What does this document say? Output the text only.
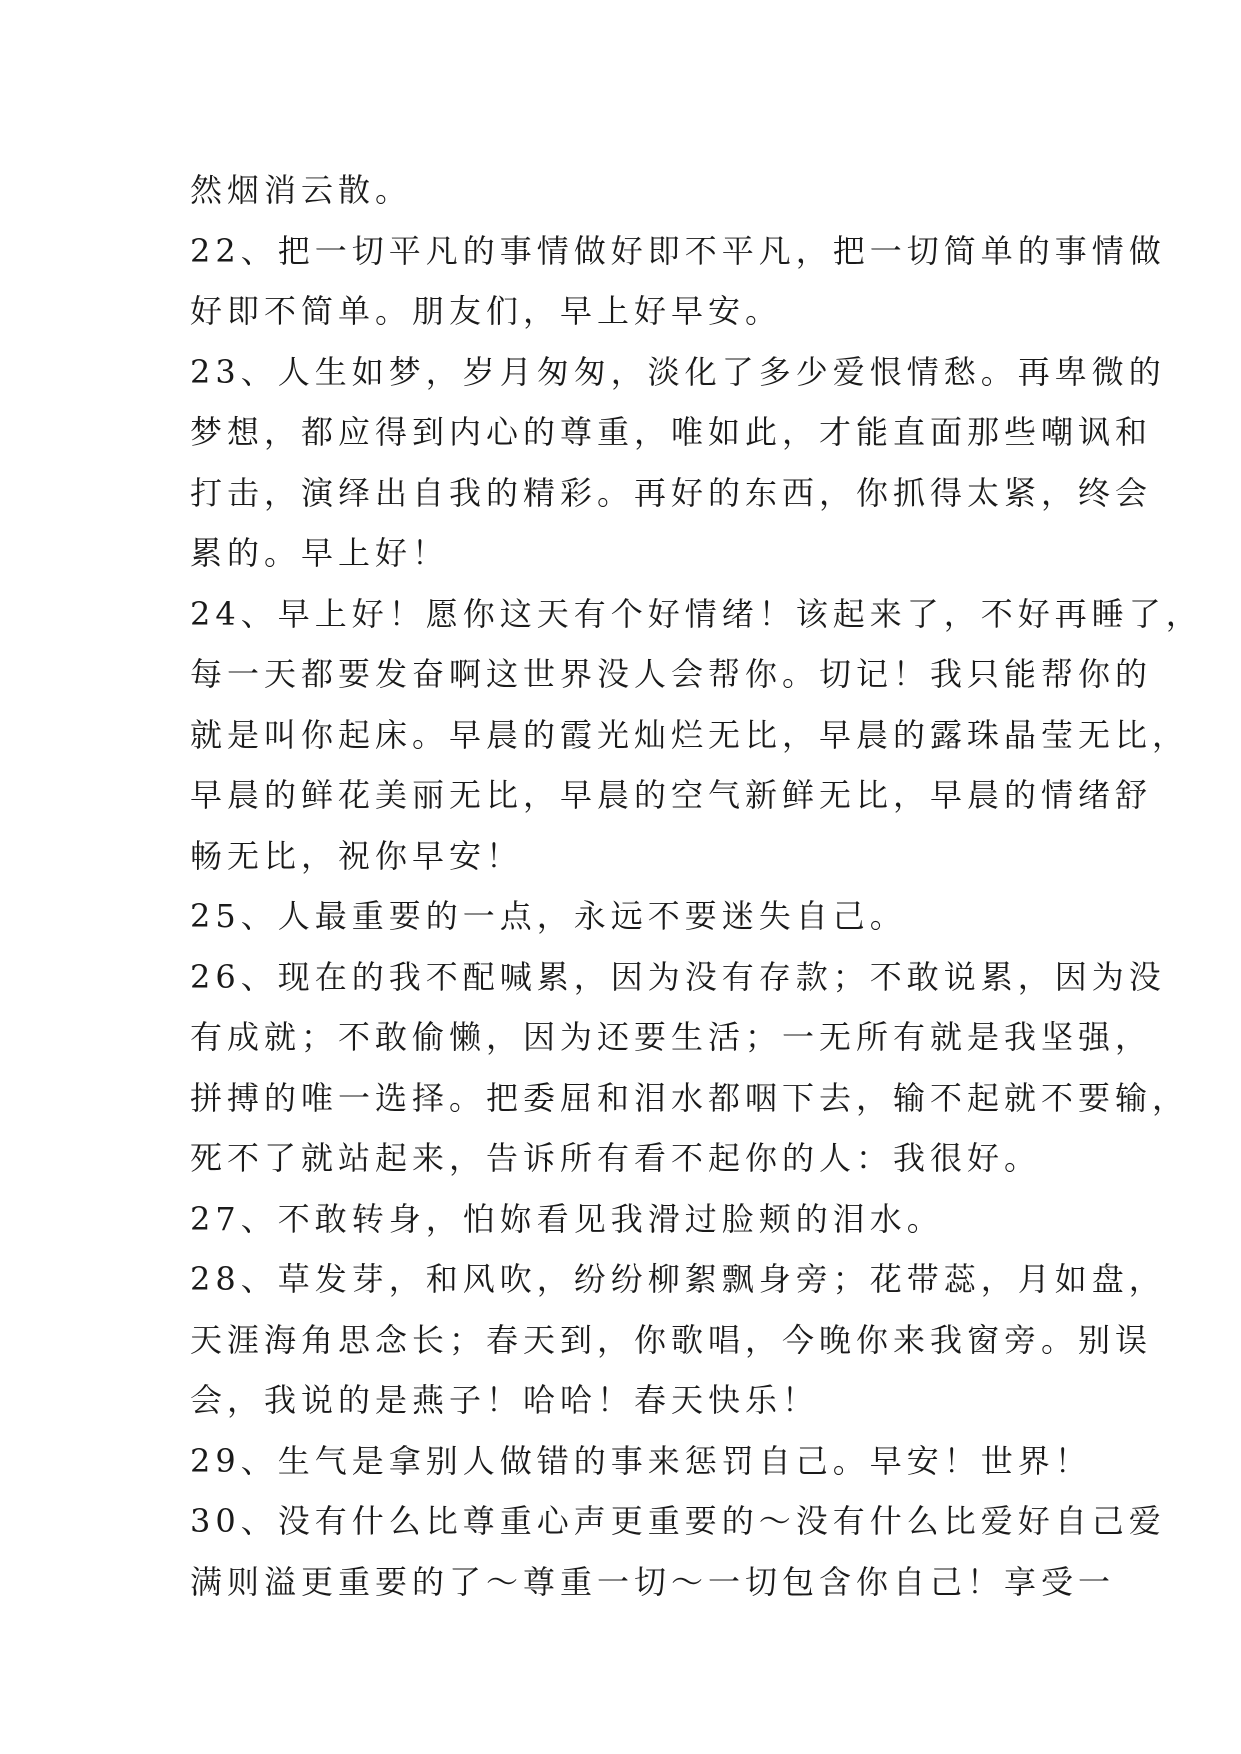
然烟消云散。
22、把一切平凡的事情做好即不平凡，把一切简单的事情做
好即不简单。朋友们，早上好早安。
23、人生如梦，岁月匆匆，淡化了多少爱恨情愁。再卑微的
梦想，都应得到内心的尊重，唯如此，才能直面那些嘲讽和
打击，演绎出自我的精彩。再好的东西，你抓得太紧，终会
累的。早上好！
24、早上好！愿你这天有个好情绪！该起来了，不好再睡了，
每一天都要发奋啊这世界没人会帮你。切记！我只能帮你的
就是叫你起床。早晨的霞光灿烂无比，早晨的露珠晶莹无比，
早晨的鲜花美丽无比，早晨的空气新鲜无比，早晨的情绪舒
畅无比，祝你早安！
25、人最重要的一点，永远不要迷失自己。
26、现在的我不配喊累，因为没有存款；不敢说累，因为没
有成就；不敢偷懒，因为还要生活；一无所有就是我坚强，
拼搏的唯一选择。把委屈和泪水都咽下去，输不起就不要输，
死不了就站起来，告诉所有看不起你的人：我很好。
27、不敢转身，怕妳看见我滑过脸颊的泪水。
28、草发芽，和风吹，纷纷柳絮飘身旁；花带蕊，月如盘，
天涯海角思念长；春天到，你歌唱，今晚你来我窗旁。别误
会，我说的是燕子！哈哈！春天快乐！
29、生气是拿别人做错的事来惩罚自己。早安！世界！
30、没有什么比尊重心声更重要的～没有什么比爱好自己爱
满则溢更重要的了～尊重一切～一切包含你自己！享受一
